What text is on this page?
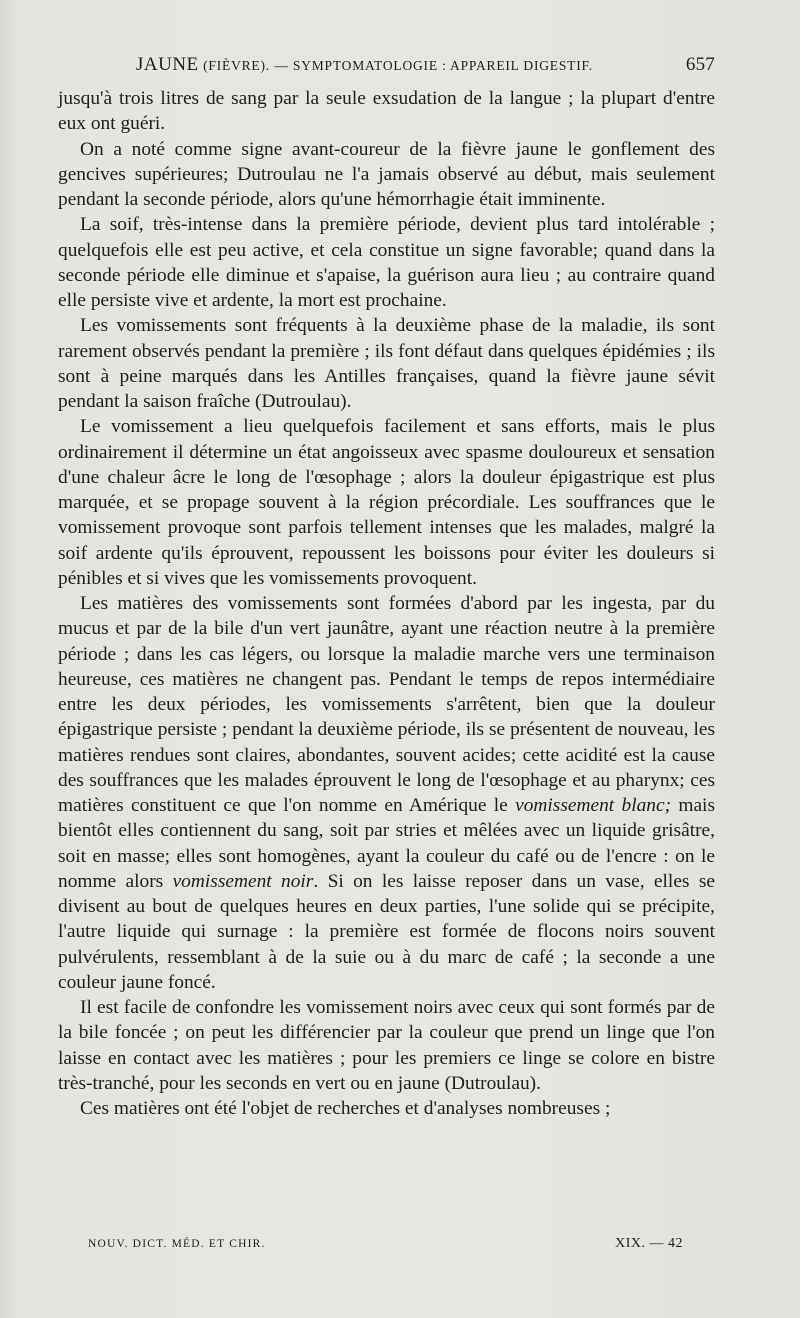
JAUNE (FIÈVRE). — SYMPTOMATOLOGIE : APPAREIL DIGESTIF.	657

jusqu'à trois litres de sang par la seule exsudation de la langue ; la plupart d'entre eux ont guéri.

On a noté comme signe avant-coureur de la fièvre jaune le gonflement des gencives supérieures; Dutroulau ne l'a jamais observé au début, mais seulement pendant la seconde période, alors qu'une hémorrhagie était imminente.

La soif, très-intense dans la première période, devient plus tard intolérable ; quelquefois elle est peu active, et cela constitue un signe favorable; quand dans la seconde période elle diminue et s'apaise, la guérison aura lieu ; au contraire quand elle persiste vive et ardente, la mort est prochaine.

Les vomissements sont fréquents à la deuxième phase de la maladie, ils sont rarement observés pendant la première ; ils font défaut dans quelques épidémies ; ils sont à peine marqués dans les Antilles françaises, quand la fièvre jaune sévit pendant la saison fraîche (Dutroulau).

Le vomissement a lieu quelquefois facilement et sans efforts, mais le plus ordinairement il détermine un état angoisseux avec spasme douloureux et sensation d'une chaleur âcre le long de l'œsophage ; alors la douleur épigastrique est plus marquée, et se propage souvent à la région précordiale. Les souffrances que le vomissement provoque sont parfois tellement intenses que les malades, malgré la soif ardente qu'ils éprouvent, repoussent les boissons pour éviter les douleurs si pénibles et si vives que les vomissements provoquent.

Les matières des vomissements sont formées d'abord par les ingesta, par du mucus et par de la bile d'un vert jaunâtre, ayant une réaction neutre à la première période ; dans les cas légers, ou lorsque la maladie marche vers une terminaison heureuse, ces matières ne changent pas. Pendant le temps de repos intermédiaire entre les deux périodes, les vomissements s'arrêtent, bien que la douleur épigastrique persiste ; pendant la deuxième période, ils se présentent de nouveau, les matières rendues sont claires, abondantes, souvent acides; cette acidité est la cause des souffrances que les malades éprouvent le long de l'œsophage et au pharynx; ces matières constituent ce que l'on nomme en Amérique le vomissement blanc; mais bientôt elles contiennent du sang, soit par stries et mêlées avec un liquide grisâtre, soit en masse; elles sont homogènes, ayant la couleur du café ou de l'encre : on le nomme alors vomissement noir. Si on les laisse reposer dans un vase, elles se divisent au bout de quelques heures en deux parties, l'une solide qui se précipite, l'autre liquide qui surnage : la première est formée de flocons noirs souvent pulvérulents, ressemblant à de la suie ou à du marc de café ; la seconde a une couleur jaune foncé.

Il est facile de confondre les vomissement noirs avec ceux qui sont formés par de la bile foncée ; on peut les différencier par la couleur que prend un linge que l'on laisse en contact avec les matières ; pour les premiers ce linge se colore en bistre très-tranché, pour les seconds en vert ou en jaune (Dutroulau).

Ces matières ont été l'objet de recherches et d'analyses nombreuses ;

NOUV. DICT. MÉD. ET CHIR.	XIX. — 42
